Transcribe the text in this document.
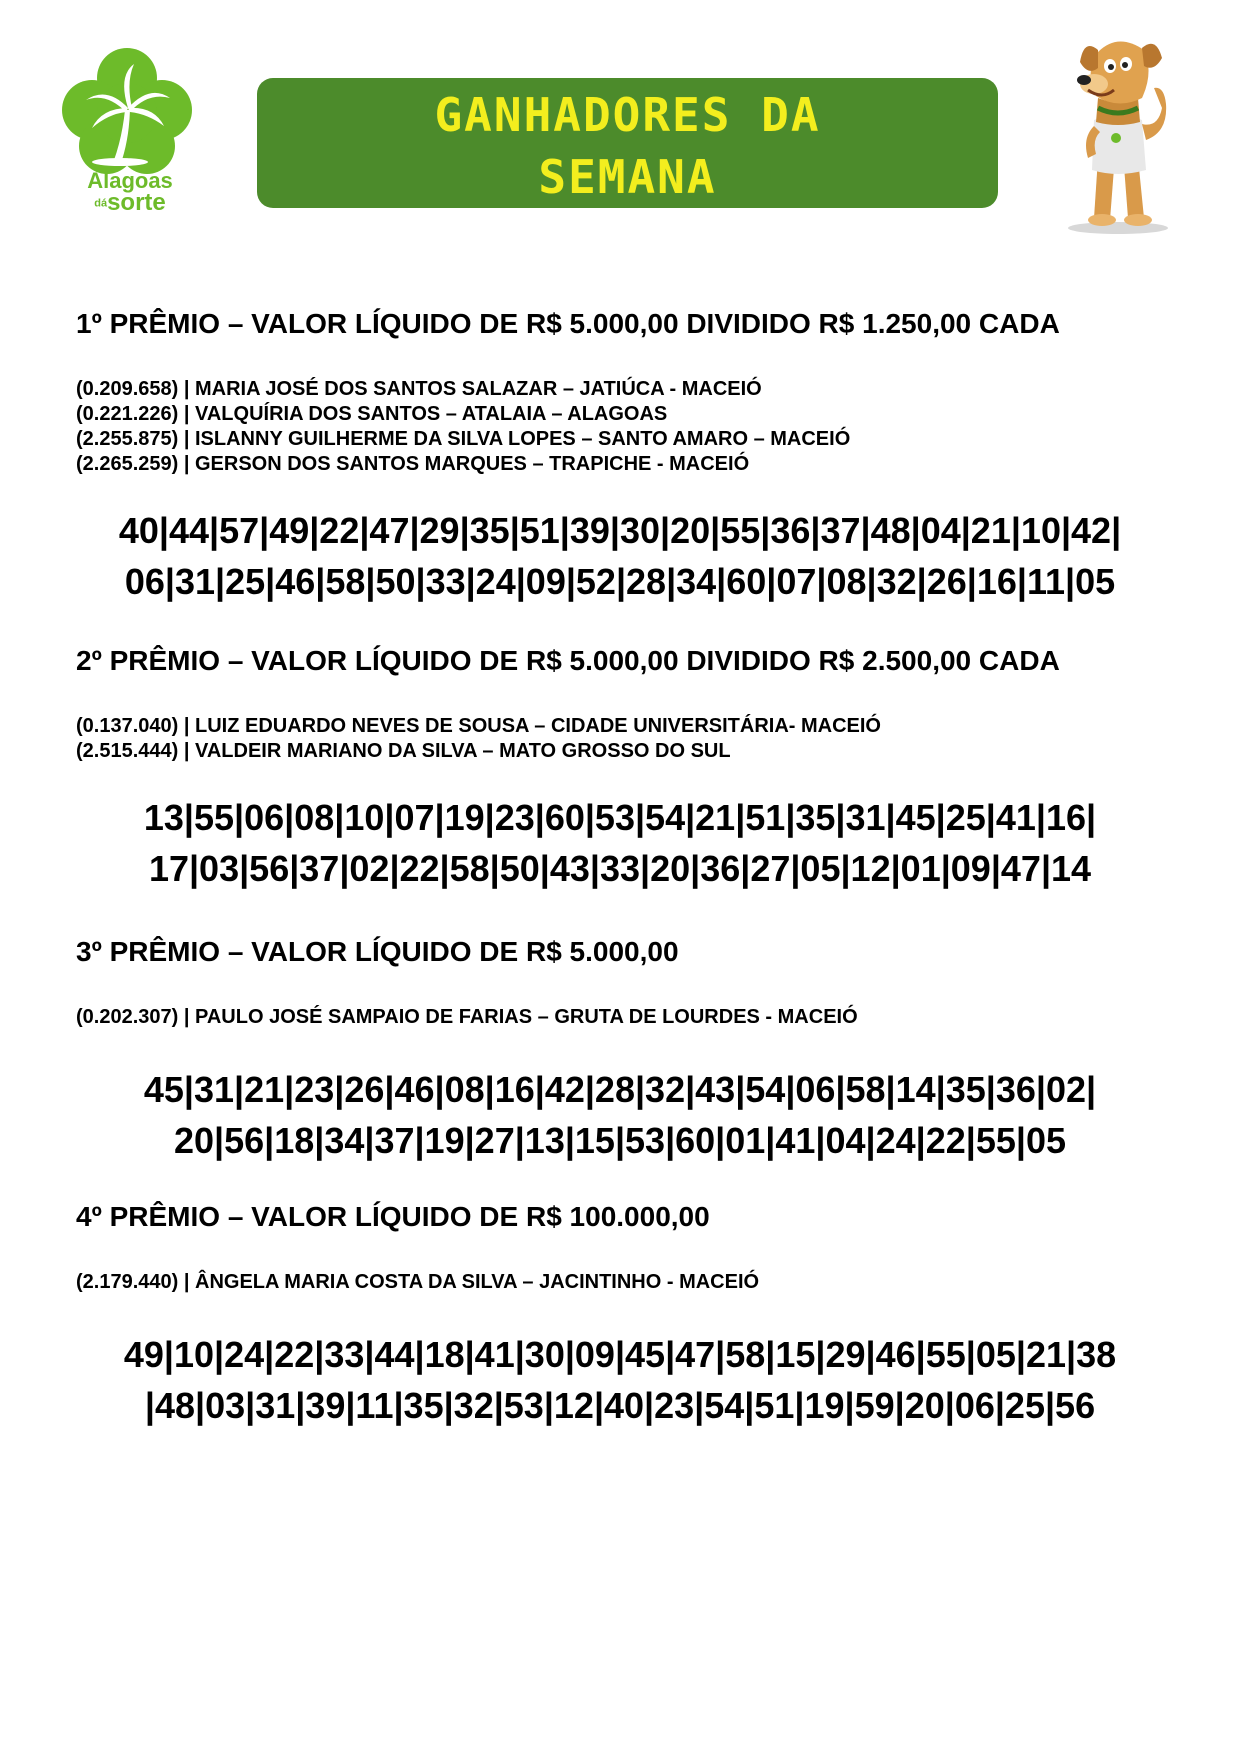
Alagoas
dásorte
GANHADORES DA
SEMANA
1º PRÊMIO – VALOR LÍQUIDO DE R$ 5.000,00 DIVIDIDO R$ 1.250,00 CADA
(0.209.658) | MARIA JOSÉ DOS SANTOS SALAZAR – JATIÚCA - MACEIÓ
(0.221.226) | VALQUÍRIA DOS SANTOS – ATALAIA – ALAGOAS
(2.255.875) | ISLANNY GUILHERME DA SILVA LOPES – SANTO AMARO – MACEIÓ
(2.265.259) | GERSON DOS SANTOS MARQUES – TRAPICHE - MACEIÓ
40|44|57|49|22|47|29|35|51|39|30|20|55|36|37|48|04|21|10|42|
06|31|25|46|58|50|33|24|09|52|28|34|60|07|08|32|26|16|11|05
2º PRÊMIO – VALOR LÍQUIDO DE R$ 5.000,00 DIVIDIDO R$ 2.500,00 CADA
(0.137.040) | LUIZ EDUARDO NEVES DE SOUSA – CIDADE UNIVERSITÁRIA- MACEIÓ
(2.515.444) | VALDEIR MARIANO DA SILVA – MATO GROSSO DO SUL
13|55|06|08|10|07|19|23|60|53|54|21|51|35|31|45|25|41|16|
17|03|56|37|02|22|58|50|43|33|20|36|27|05|12|01|09|47|14
3º PRÊMIO – VALOR LÍQUIDO DE R$ 5.000,00
(0.202.307) | PAULO JOSÉ SAMPAIO DE FARIAS – GRUTA DE LOURDES - MACEIÓ
45|31|21|23|26|46|08|16|42|28|32|43|54|06|58|14|35|36|02|
20|56|18|34|37|19|27|13|15|53|60|01|41|04|24|22|55|05
4º PRÊMIO – VALOR LÍQUIDO DE R$ 100.000,00
(2.179.440) | ÂNGELA MARIA COSTA DA SILVA – JACINTINHO - MACEIÓ
49|10|24|22|33|44|18|41|30|09|45|47|58|15|29|46|55|05|21|38
|48|03|31|39|11|35|32|53|12|40|23|54|51|19|59|20|06|25|56
